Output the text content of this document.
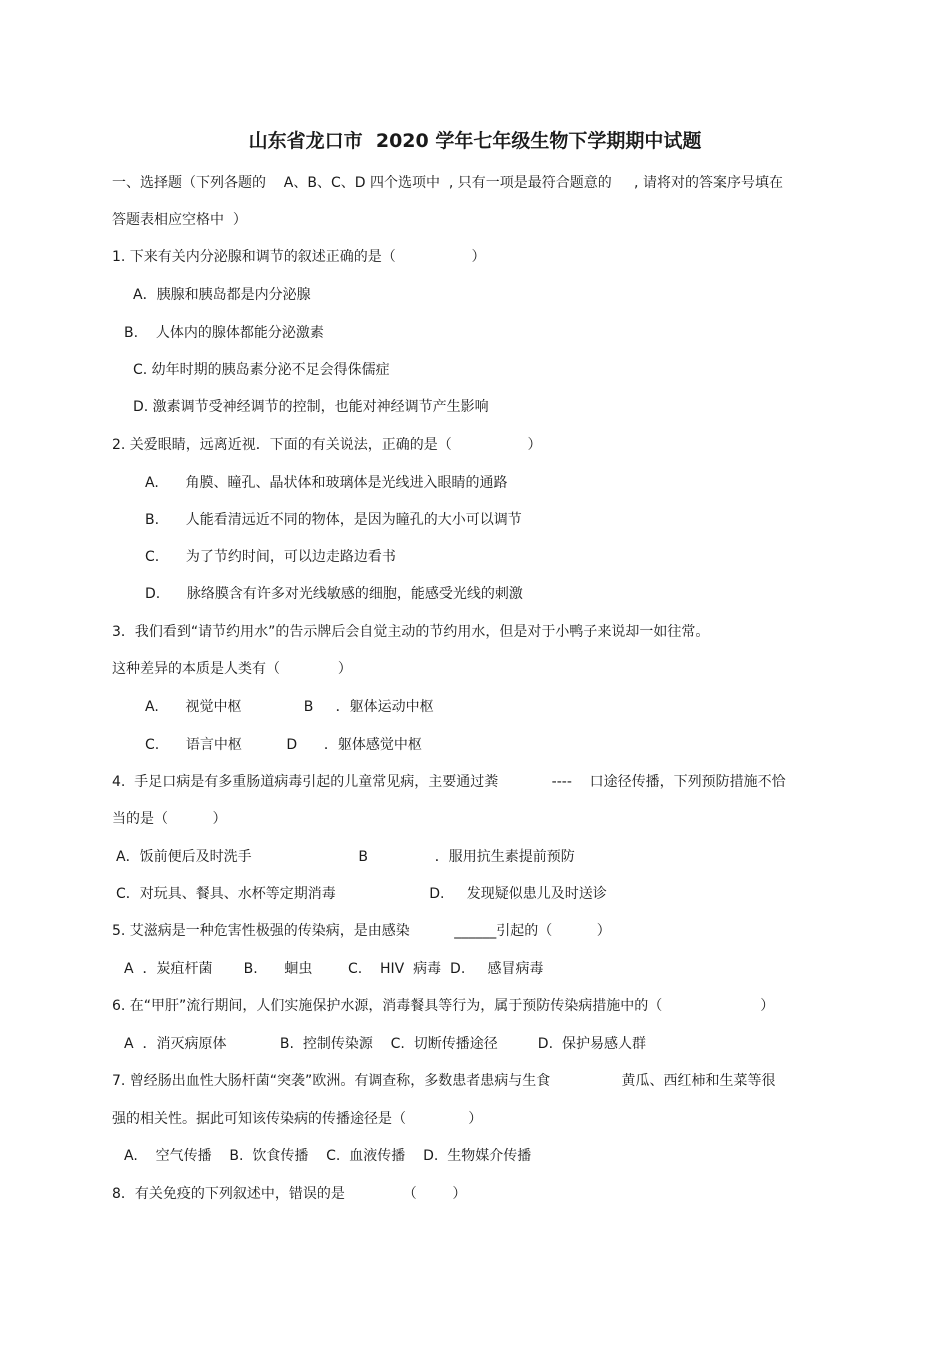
山东省龙口市  2020 学年七年级生物下学期期中试题

一、选择题（下列各题的    A、B、C、D 四个选项中  , 只有一项是最符合题意的     , 请将对的答案序号填在

答题表相应空格中  ）

1. 下来有关内分泌腺和调节的叙述正确的是（                 ）

A．胰腺和胰岛都是内分泌腺

B.    人体内的腺体都能分泌激素

C. 幼年时期的胰岛素分泌不足会得侏儒症

D. 激素调节受神经调节的控制，也能对神经调节产生影响

2. 关爱眼睛，远离近视．下面的有关说法，正确的是（                 ）

A.      角膜、瞳孔、晶状体和玻璃体是光线进入眼睛的通路

B.      人能看清远近不同的物体，是因为瞳孔的大小可以调节

C.      为了节约时间，可以边走路边看书

D.      脉络膜含有许多对光线敏感的细胞，能感受光线的刺激

3．我们看到“请节约用水”的告示牌后会自觉主动的节约用水，但是对于小鸭子来说却一如往常。

这种差异的本质是人类有（             ）

A.      视觉中枢              B     ．躯体运动中枢

C.      语言中枢          D      ．躯体感觉中枢

4.  手足口病是有多重肠道病毒引起的儿童常见病，主要通过粪            ----    口途径传播，下列预防措施不恰

当的是（          ）

A．饭前便后及时洗手                        B               ．服用抗生素提前预防

C．对玩具、餐具、水杯等定期消毒                     D.     发现疑似患儿及时送诊

5. 艾滋病是一种危害性极强的传染病，是由感染          ______引起的（          ）

A  ．炭疽杆菌       B.      蛔虫        C.    HIV  病毒  D.     感冒病毒

6. 在“甲肝”流行期间，人们实施保护水源，消毒餐具等行为，属于预防传染病措施中的（                      ）

A  ．消灭病原体            B.  控制传染源    C.  切断传播途径         D.  保护易感人群

7. 曾经肠出血性大肠杆菌“突袭”欧洲。有调查称，多数患者患病与生食                黄瓜、西红柿和生菜等很

强的相关性。据此可知该传染病的传播途径是（              ）

A.    空气传播    B.  饮食传播    C.  血液传播    D.  生物媒介传播

8．有关免疫的下列叙述中，错误的是             （        ）
